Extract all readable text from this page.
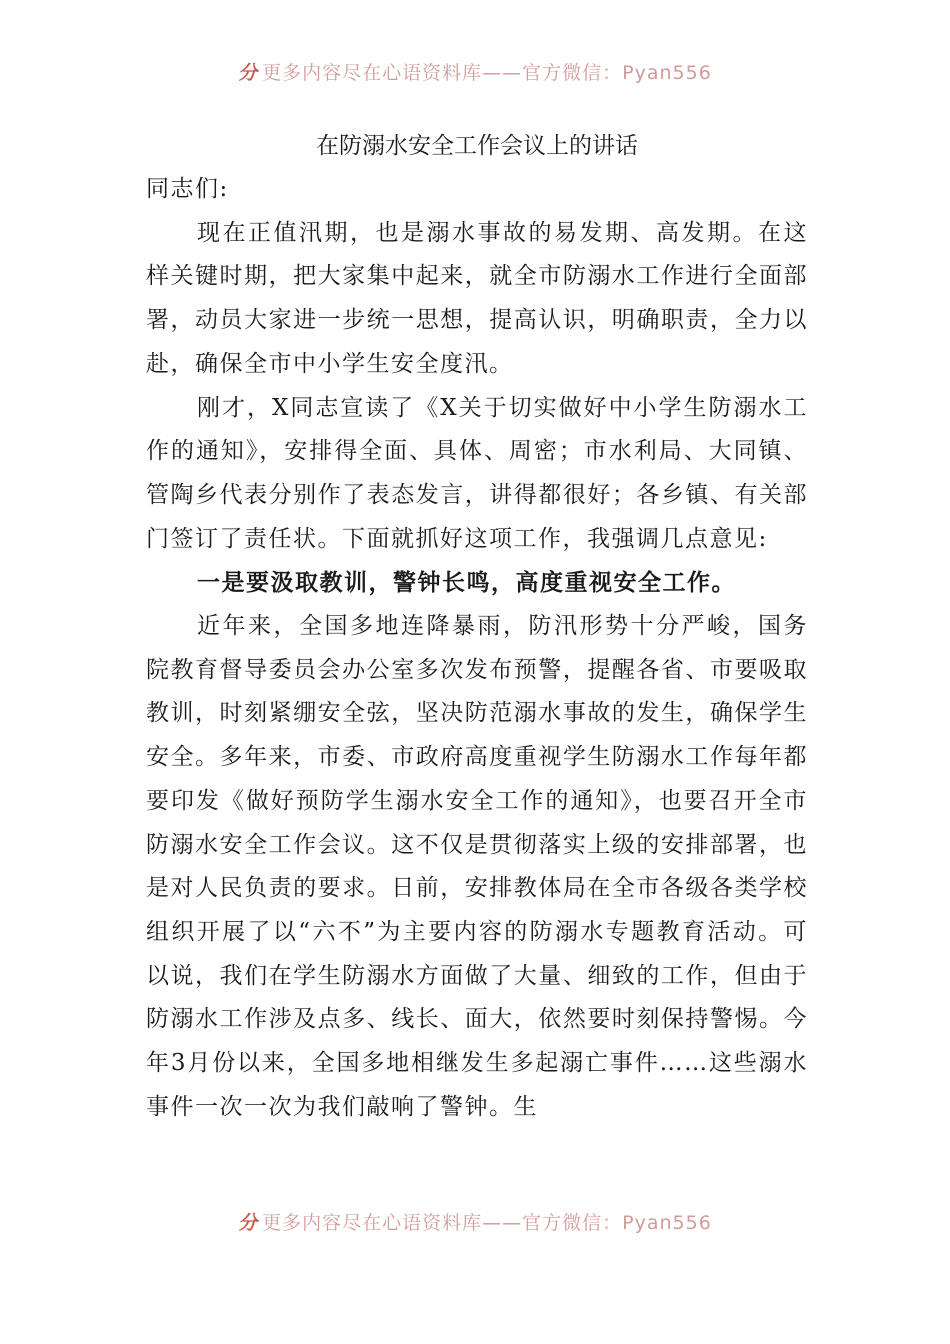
分 更多内容尽在心语资料库——官方微信：Pyan556

在防溺水安全工作会议上的讲话

同志们:

现在正值汛期，也是溺水事故的易发期、高发期。在这样关键时期，把大家集中起来，就全市防溺水工作进行全面部署，动员大家进一步统一思想，提高认识，明确职责，全力以赴，确保全市中小学生安全度汛。

刚才，X同志宣读了《X关于切实做好中小学生防溺水工作的通知》，安排得全面、具体、周密；市水利局、大同镇、管陶乡代表分别作了表态发言，讲得都很好；各乡镇、有关部门签订了责任状。下面就抓好这项工作，我强调几点意见:

一是要汲取教训，警钟长鸣，高度重视安全工作。

近年来，全国多地连降暴雨，防汛形势十分严峻，国务院教育督导委员会办公室多次发布预警，提醒各省、市要吸取教训，时刻紧绷安全弦，坚决防范溺水事故的发生，确保学生安全。多年来，市委、市政府高度重视学生防溺水工作每年都要印发《做好预防学生溺水安全工作的通知》，也要召开全市防溺水安全工作会议。这不仅是贯彻落实上级的安排部署，也是对人民负责的要求。日前，安排教体局在全市各级各类学校组织开展了以“六不”为主要内容的防溺水专题教育活动。可以说，我们在学生防溺水方面做了大量、细致的工作，但由于防溺水工作涉及点多、线长、面大，依然要时刻保持警惕。今年3月份以来，全国多地相继发生多起溺亡事件……这些溺水事件一次一次为我们敲响了警钟。生

分 更多内容尽在心语资料库——官方微信：Pyan556
